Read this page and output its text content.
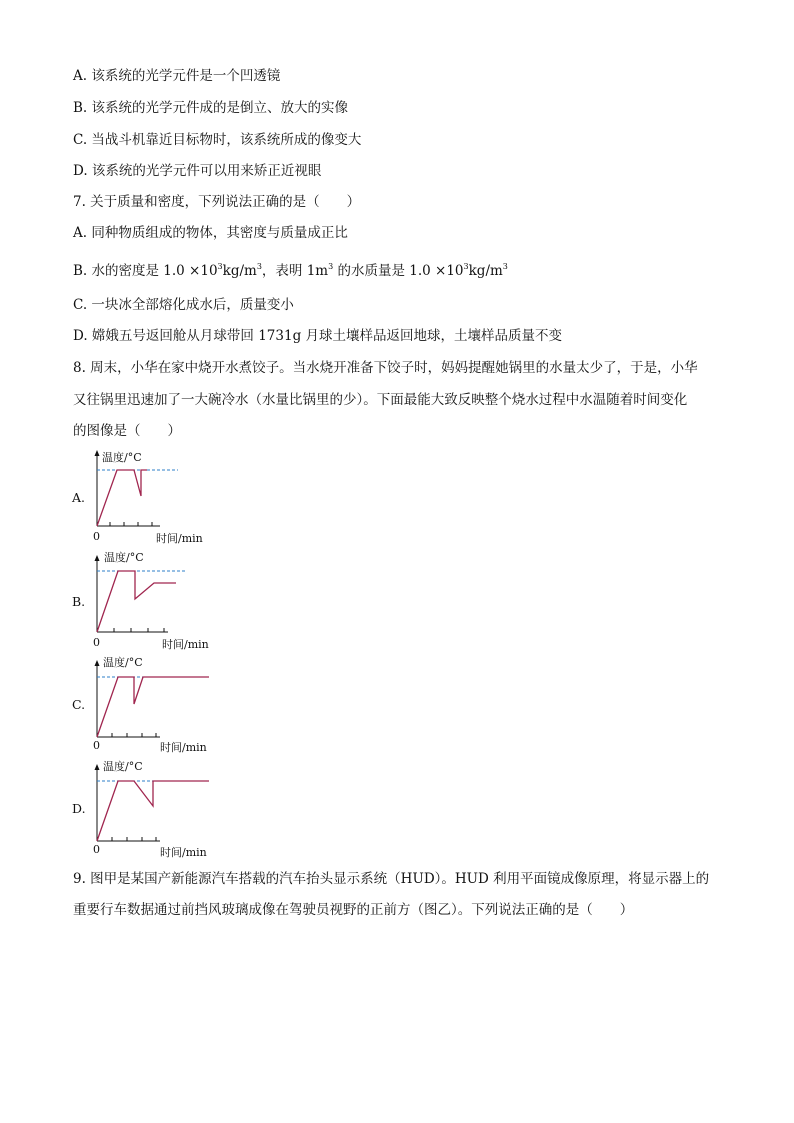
A. 该系统的光学元件是一个凹透镜
B. 该系统的光学元件成的是倒立、放大的实像
C. 当战斗机靠近目标物时，该系统所成的像变大
D. 该系统的光学元件可以用来矫正近视眼
7. 关于质量和密度，下列说法正确的是（　　）
A. 同种物质组成的物体，其密度与质量成正比
B. 水的密度是 $1.0 \times 10^3kg/m^3$，表明 $1m^3$ 的水质量是 $1.0 \times 10^3kg/m^3$
C. 一块冰全部熔化成水后，质量变小
D. 嫦娥五号返回舱从月球带回 1731g 月球土壤样品返回地球，土壤样品质量不变
8. 周末，小华在家中烧开水煮饺子。当水烧开准备下饺子时，妈妈提醒她锅里的水量太少了，于是，小华
又往锅里迅速加了一大碗冷水（水量比锅里的少）。下面最能大致反映整个烧水过程中水温随着时间变化
的图像是（　　）
A.
温度/°C
0	时间/min
B.
温度/°C
0	时间/min
C.
温度/°C
0	时间/min
D.
温度/°C
0	时间/min
9. 图甲是某国产新能源汽车搭载的汽车抬头显示系统（HUD）。HUD 利用平面镜成像原理，将显示器上的
重要行车数据通过前挡风玻璃成像在驾驶员视野的正前方（图乙）。下列说法正确的是（　　）
